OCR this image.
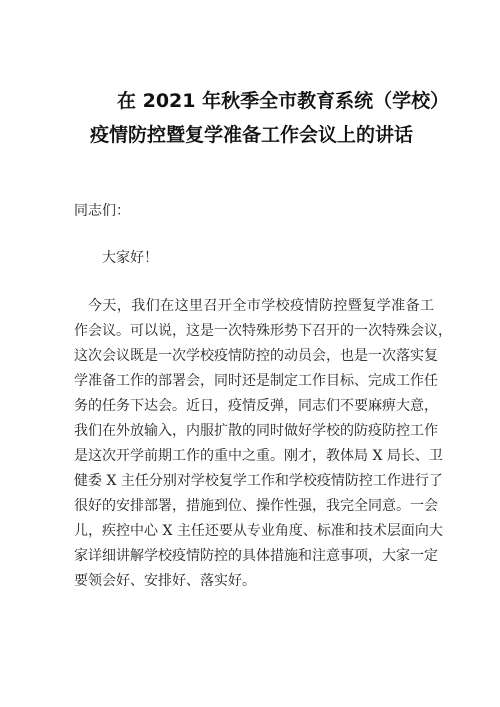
在 2021 年秋季全市教育系统（学校）
疫情防控暨复学准备工作会议上的讲话
同志们：
大家好！
今天，我们在这里召开全市学校疫情防控暨复学准备工
作会议。可以说，这是一次特殊形势下召开的一次特殊会议，
这次会议既是一次学校疫情防控的动员会，也是一次落实复
学准备工作的部署会，同时还是制定工作目标、完成工作任
务的任务下达会。近日，疫情反弹，同志们不要麻痹大意，
我们在外放输入，内服扩散的同时做好学校的防疫防控工作
是这次开学前期工作的重中之重。刚才，教体局 X 局长、卫
健委 X 主任分别对学校复学工作和学校疫情防控工作进行了
很好的安排部署，措施到位、操作性强，我完全同意。一会
儿，疾控中心 X 主任还要从专业角度、标准和技术层面向大
家详细讲解学校疫情防控的具体措施和注意事项，大家一定
要领会好、安排好、落实好。
